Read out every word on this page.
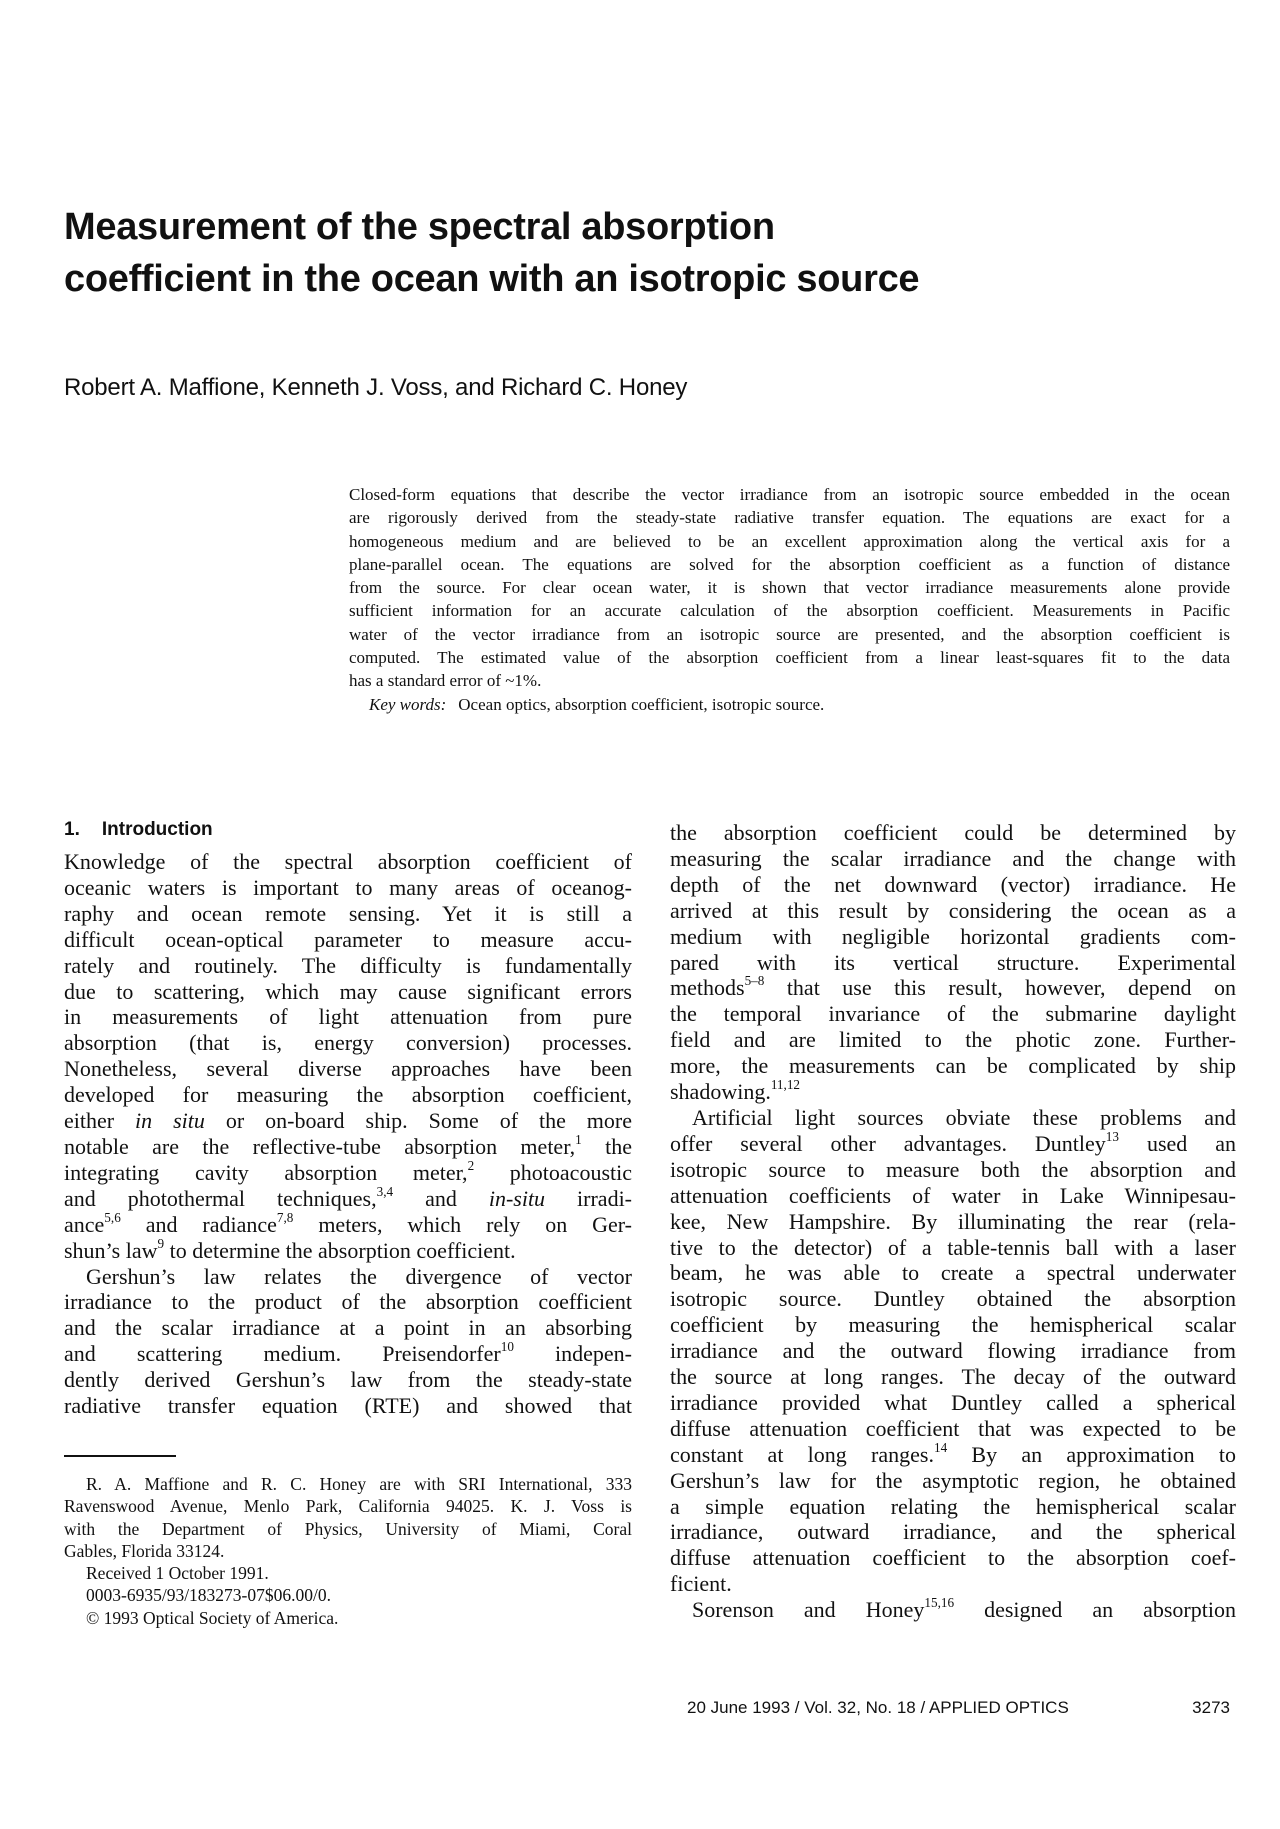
Measurement of the spectral absorption
coefficient in the ocean with an isotropic source
Robert A. Maffione, Kenneth J. Voss, and Richard C. Honey
Closed-form equations that describe the vector irradiance from an isotropic source embedded in the ocean
are rigorously derived from the steady-state radiative transfer equation. The equations are exact for a
homogeneous medium and are believed to be an excellent approximation along the vertical axis for a
plane-parallel ocean. The equations are solved for the absorption coefficient as a function of distance
from the source. For clear ocean water, it is shown that vector irradiance measurements alone provide
sufficient information for an accurate calculation of the absorption coefficient. Measurements in Pacific
water of the vector irradiance from an isotropic source are presented, and the absorption coefficient is
computed. The estimated value of the absorption coefficient from a linear least-squares fit to the data
has a standard error of ~1%.
Key words: Ocean optics, absorption coefficient, isotropic source.
1. Introduction
Knowledge of the spectral absorption coefficient of
oceanic waters is important to many areas of oceanog-
raphy and ocean remote sensing. Yet it is still a
difficult ocean-optical parameter to measure accu-
rately and routinely. The difficulty is fundamentally
due to scattering, which may cause significant errors
in measurements of light attenuation from pure
absorption (that is, energy conversion) processes.
Nonetheless, several diverse approaches have been
developed for measuring the absorption coefficient,
either in situ or on-board ship. Some of the more
notable are the reflective-tube absorption meter,$^1$ the
integrating cavity absorption meter,$^2$ photoacoustic
and photothermal techniques,$^{3,4}$ and in-situ irradi-
ance$^{5,6}$ and radiance$^{7,8}$ meters, which rely on Ger-
shun’s law$^9$ to determine the absorption coefficient.
Gershun’s law relates the divergence of vector
irradiance to the product of the absorption coefficient
and the scalar irradiance at a point in an absorbing
and scattering medium. Preisendorfer$^{10}$ indepen-
dently derived Gershun’s law from the steady-state
radiative transfer equation (RTE) and showed that
the absorption coefficient could be determined by
measuring the scalar irradiance and the change with
depth of the net downward (vector) irradiance. He
arrived at this result by considering the ocean as a
medium with negligible horizontal gradients com-
pared with its vertical structure. Experimental
methods$^{5-8}$ that use this result, however, depend on
the temporal invariance of the submarine daylight
field and are limited to the photic zone. Further-
more, the measurements can be complicated by ship
shadowing.$^{11,12}$
Artificial light sources obviate these problems and
offer several other advantages. Duntley$^{13}$ used an
isotropic source to measure both the absorption and
attenuation coefficients of water in Lake Winnipesau-
kee, New Hampshire. By illuminating the rear (rela-
tive to the detector) of a table-tennis ball with a laser
beam, he was able to create a spectral underwater
isotropic source. Duntley obtained the absorption
coefficient by measuring the hemispherical scalar
irradiance and the outward flowing irradiance from
the source at long ranges. The decay of the outward
irradiance provided what Duntley called a spherical
diffuse attenuation coefficient that was expected to be
constant at long ranges.$^{14}$ By an approximation to
Gershun’s law for the asymptotic region, he obtained
a simple equation relating the hemispherical scalar
irradiance, outward irradiance, and the spherical
diffuse attenuation coefficient to the absorption coef-
ficient.
Sorenson and Honey$^{15,16}$ designed an absorption
R. A. Maffione and R. C. Honey are with SRI International, 333
Ravenswood Avenue, Menlo Park, California 94025. K. J. Voss is
with the Department of Physics, University of Miami, Coral
Gables, Florida 33124.
Received 1 October 1991.
0003-6935/93/183273-07$06.00/0.
© 1993 Optical Society of America.
20 June 1993 / Vol. 32, No. 18 / APPLIED OPTICS	3273
